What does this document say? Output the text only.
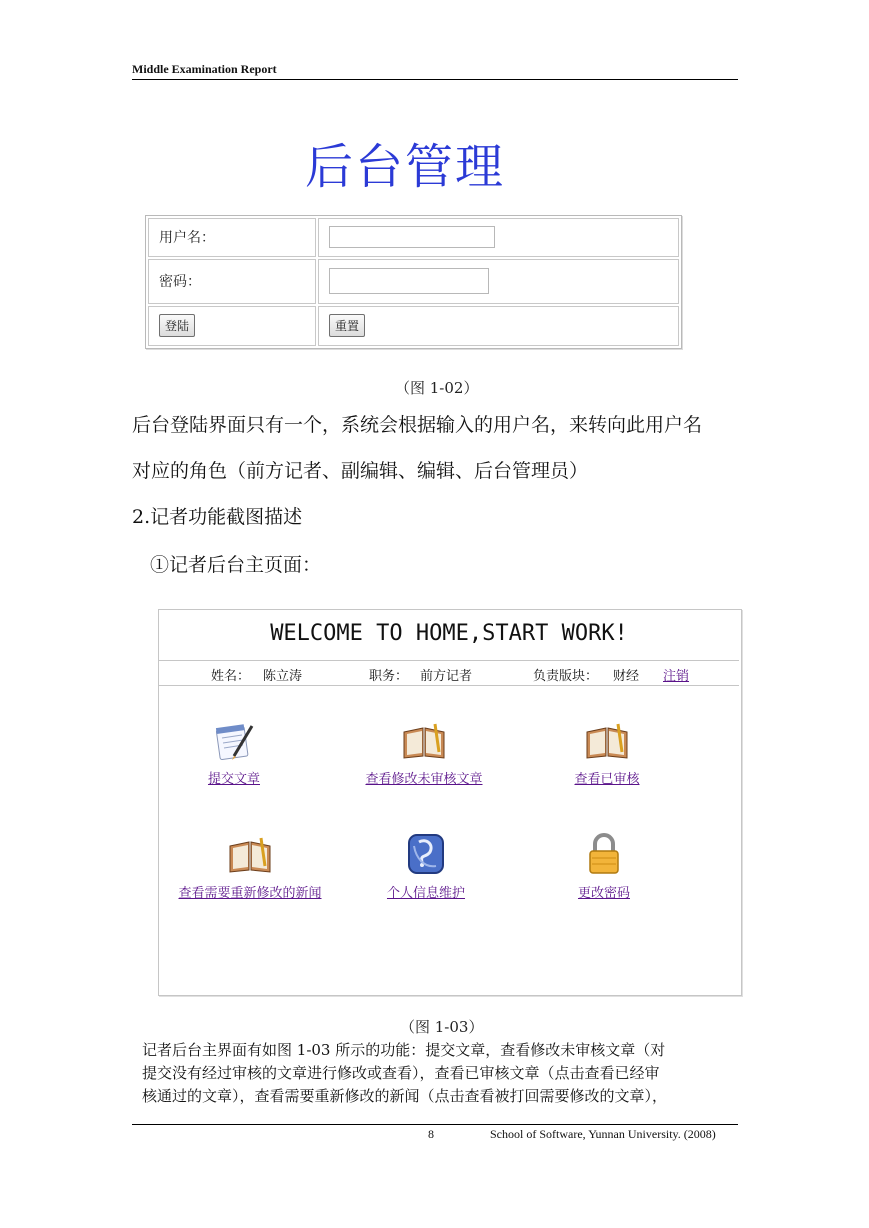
Middle Examination Report
后台管理
用户名：	

密码：	

登陆	重置
（图 1-02）
后台登陆界面只有一个，系统会根据输入的用户名，来转向此用户名
对应的角色（前方记者、副编辑、编辑、后台管理员）
2.记者功能截图描述
①记者后台主页面：
WELCOME TO HOME,START WORK!
姓名： 陈立涛	职务： 前方记者	负责版块： 财经 注销
提交文章	查看修改未审核文章	查看已审核
查看需要重新修改的新闻	个人信息维护	更改密码
（图 1-03）
记者后台主界面有如图 1-03 所示的功能：提交文章，查看修改未审核文章（对
提交没有经过审核的文章进行修改或查看），查看已审核文章（点击查看已经审
核通过的文章），查看需要重新修改的新闻（点击查看被打回需要修改的文章），
8	School of Software, Yunnan University. (2008)
